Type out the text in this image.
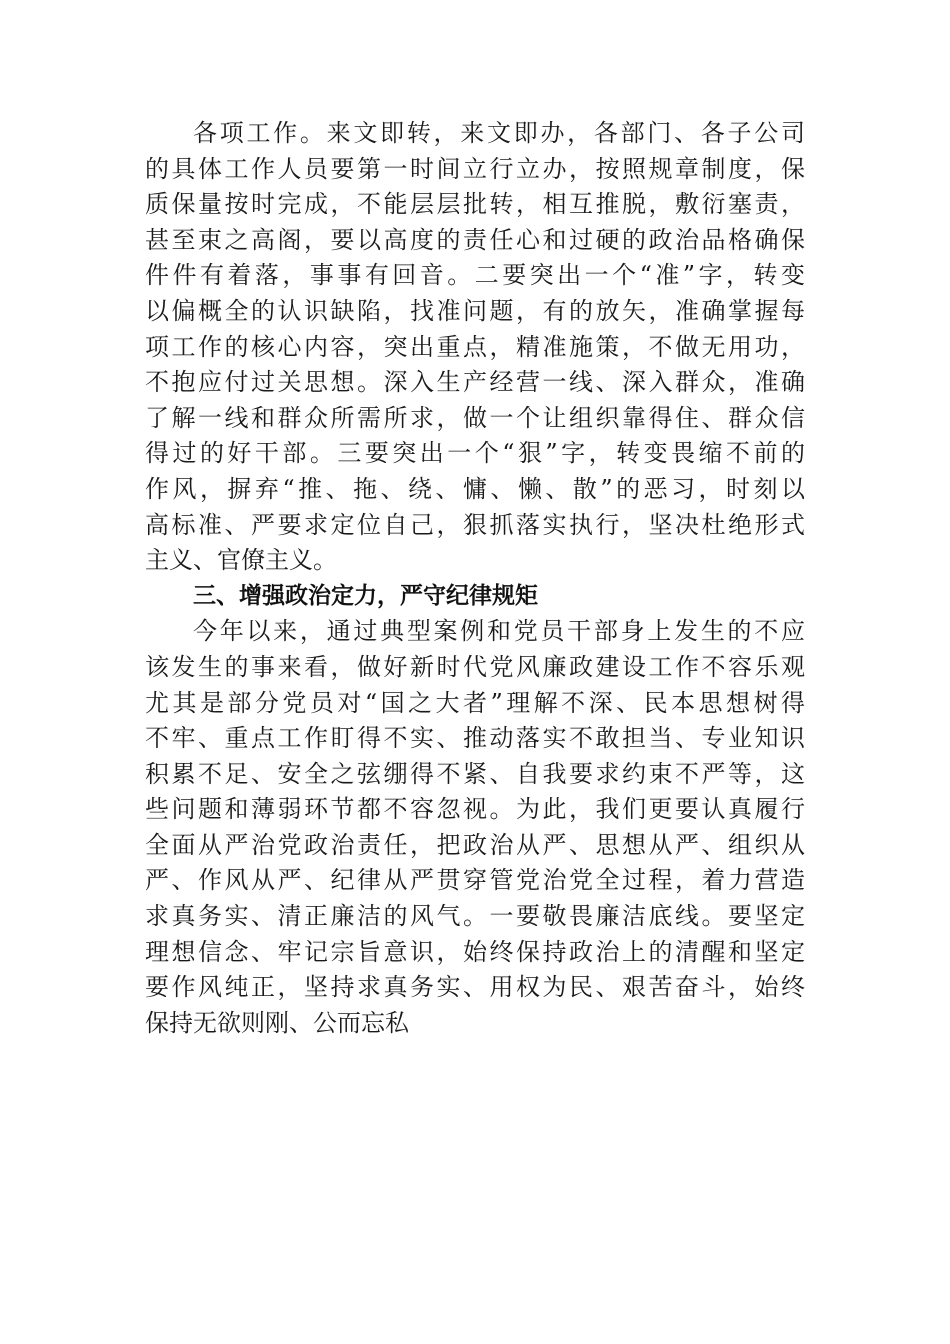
各项工作。来文即转，来文即办，各部门、各子公司
的具体工作人员要第一时间立行立办，按照规章制度，保
质保量按时完成，不能层层批转，相互推脱，敷衍塞责，
甚至束之高阁，要以高度的责任心和过硬的政治品格确保
件件有着落，事事有回音。二要突出一个“准”字，转变
以偏概全的认识缺陷，找准问题，有的放矢，准确掌握每
项工作的核心内容，突出重点，精准施策，不做无用功，
不抱应付过关思想。深入生产经营一线、深入群众，准确
了解一线和群众所需所求，做一个让组织靠得住、群众信
得过的好干部。三要突出一个“狠”字，转变畏缩不前的
作风，摒弃“推、拖、绕、慵、懒、散”的恶习，时刻以
高标准、严要求定位自己，狠抓落实执行，坚决杜绝形式
主义、官僚主义。
三、增强政治定力，严守纪律规矩
今年以来，通过典型案例和党员干部身上发生的不应
该发生的事来看，做好新时代党风廉政建设工作不容乐观
尤其是部分党员对“国之大者”理解不深、民本思想树得
不牢、重点工作盯得不实、推动落实不敢担当、专业知识
积累不足、安全之弦绷得不紧、自我要求约束不严等，这
些问题和薄弱环节都不容忽视。为此，我们更要认真履行
全面从严治党政治责任，把政治从严、思想从严、组织从
严、作风从严、纪律从严贯穿管党治党全过程，着力营造
求真务实、清正廉洁的风气。一要敬畏廉洁底线。要坚定
理想信念、牢记宗旨意识，始终保持政治上的清醒和坚定
要作风纯正，坚持求真务实、用权为民、艰苦奋斗，始终
保持无欲则刚、公而忘私
